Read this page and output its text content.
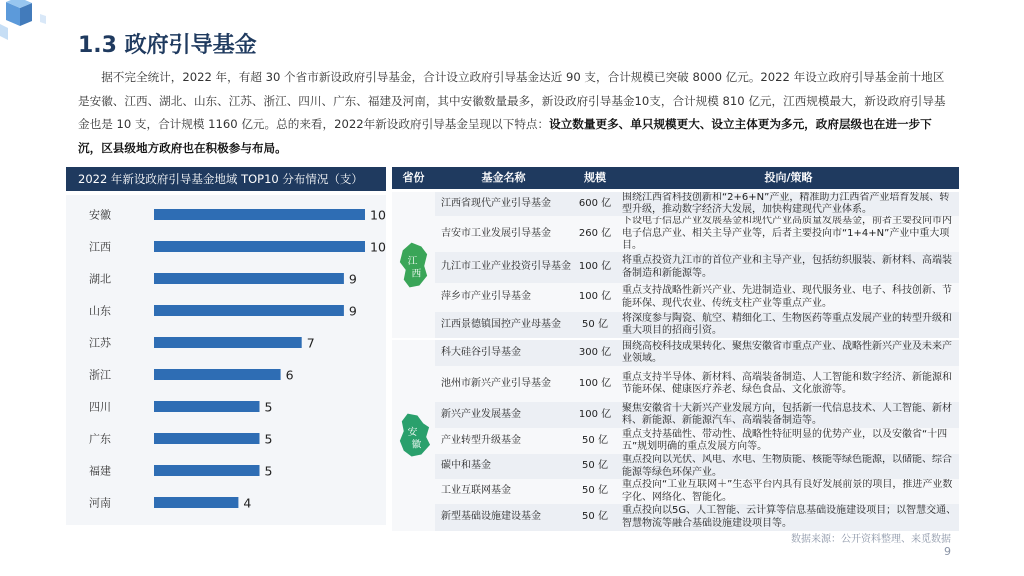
1.3 政府引导基金
据不完全统计，2022 年，有超 30 个省市新设政府引导基金，合计设立政府引导基金达近 90 支，合计规模已突破 8000 亿元。2022 年设立政府引导基金前十地区是安徽、江西、湖北、山东、江苏、浙江、四川、广东、福建及河南，其中安徽数量最多，新设政府引导基金10支，合计规模 810 亿元，江西规模最大，新设政府引导基金也是 10 支，合计规模 1160 亿元。总的来看，2022年新设政府引导基金呈现以下特点：设立数量更多、单只规模更大、设立主体更为多元，政府层级也在进一步下沉，区县级地方政府也在积极参与布局。
2022 年新设政府引导基金地域 TOP10 分布情况（支）
安徽	10
江西	10
湖北	9
山东	9
江苏	7
浙江	6
四川	5
广东	5
福建	5
河南	4
省份	基金名称	规模	投向/策略
江
西
江西省现代产业引导基金	600 亿
围绕江西省科技创新和“2+6+N”产业，精准助力江西省产业培育发展、转型升级，推动数字经济大发展，加快构建现代产业体系。
吉安市工业发展引导基金	260 亿
下设电子信息产业发展基金和现代产业高质量发展基金，前者主要投向市内电子信息产业、相关主导产业等，后者主要投向市“1+4+N”产业中重大项目。
九江市工业产业投资引导基金 100 亿
将重点投资九江市的首位产业和主导产业，包括纺织服装、新材料、高端装备制造和新能源等。
萍乡市产业引导基金	100 亿
重点支持战略性新兴产业、先进制造业、现代服务业、电子、科技创新、节能环保、现代农业、传统支柱产业等重点产业。
江西景德镇国控产业母基金	50 亿
将深度参与陶瓷、航空、精细化工、生物医药等重点发展产业的转型升级和重大项目的招商引资。
安
徽
科大硅谷引导基金	300 亿
围绕高校科技成果转化、聚焦安徽省市重点产业、战略性新兴产业及未来产业领域。
池州市新兴产业引导基金	100 亿
重点支持半导体、新材料、高端装备制造、人工智能和数字经济、新能源和节能环保、健康医疗养老、绿色食品、文化旅游等。
新兴产业发展基金	100 亿
聚焦安徽省十大新兴产业发展方向，包括新一代信息技术、人工智能、新材料、新能源、新能源汽车、高端装备制造等。
产业转型升级基金	50 亿
重点支持基础性、带动性、战略性特征明显的优势产业，以及安徽省“十四五”规划明确的重点发展方向等。
碳中和基金	50 亿
重点投向以光伏、风电、水电、生物质能、核能等绿色能源，以储能、综合能源等绿色环保产业。
工业互联网基金	50 亿
重点投向“工业互联网＋”生态平台内具有良好发展前景的项目，推进产业数字化、网络化、智能化。
新型基础设施建设基金	50 亿
重点投向以5G、人工智能、云计算等信息基础设施建设项目；以智慧交通、智慧物流等融合基础设施建设项目等。
数据来源：公开资料整理、来觅数据
9
